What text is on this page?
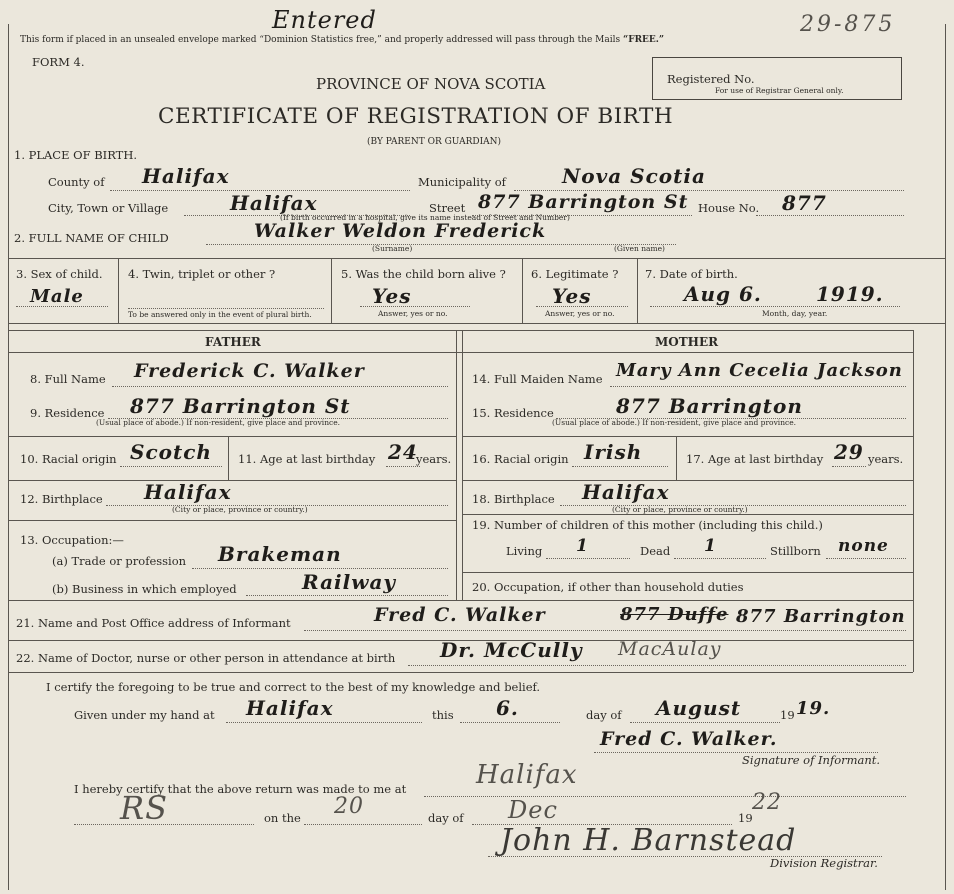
Entered	29-875
This form if placed in an unsealed envelope marked “Dominion Statistics free,” and properly addressed will pass through the Mails “FREE.”
FORM 4.
PROVINCE OF NOVA SCOTIA
CERTIFICATE OF REGISTRATION OF BIRTH
(BY PARENT OR GUARDIAN)
Registered No.
For use of Registrar General only.
1. PLACE OF BIRTH.
County of Halifax	Municipality of	Nova Scotia
City, Town or Village	Halifax	Street 877 Barrington St House No. 877
(If birth occurred in a hospital, give its name instead of Street and Number)
2. FULL NAME OF CHILD	Walker Weldon Frederick
(Surname)	(Given name)
3. Sex of child.
Male
4. Twin, triplet or other ?
To be answered only in the event of plural birth.
5. Was the child born alive ?
Yes
Answer, yes or no.
6. Legitimate ?
Yes
Answer, yes or no.
7. Date of birth.
Aug 6.	1919.
Month, day, year.
FATHER	MOTHER
8. Full Name Frederick C. Walker
9. Residence 877 Barrington St
(Usual place of abode.) If non-resident, give place and province.
10. Racial origin Scotch 11. Age at last birthday 24
years.
12. Birthplace Halifax
(City or place, province or country.)
13. Occupation:—
(a) Trade or profession Brakeman
(b) Business in which employed	Railway
14. Full Maiden Name Mary Ann Cecelia Jackson
15. Residence	877 Barrington
(Usual place of abode.) If non-resident, give place and province.
16. Racial origin Irish	17. Age at last birthday 29 years.
18. Birthplace Halifax
(City or place, province or country.)
19. Number of children of this mother (including this child.)
Living 1	Dead 1	Stillborn none
20. Occupation, if other than household duties
21. Name and Post Office address of Informant	Fred C. Walker	877 Duffe 877 Barrington
22. Name of Doctor, nurse or other person in attendance at birth Dr. McCully MacAulay
I certify the foregoing to be true and correct to the best of my knowledge and belief.
Given under my hand at Halifax	this 6.	day of August	19 19.
Fred C. Walker.
Signature of Informant.
I hereby certify that the above return was made to me at	Halifax
RS	on the 20	day of Dec	19
22
John H. Barnstead
Division Registrar.
